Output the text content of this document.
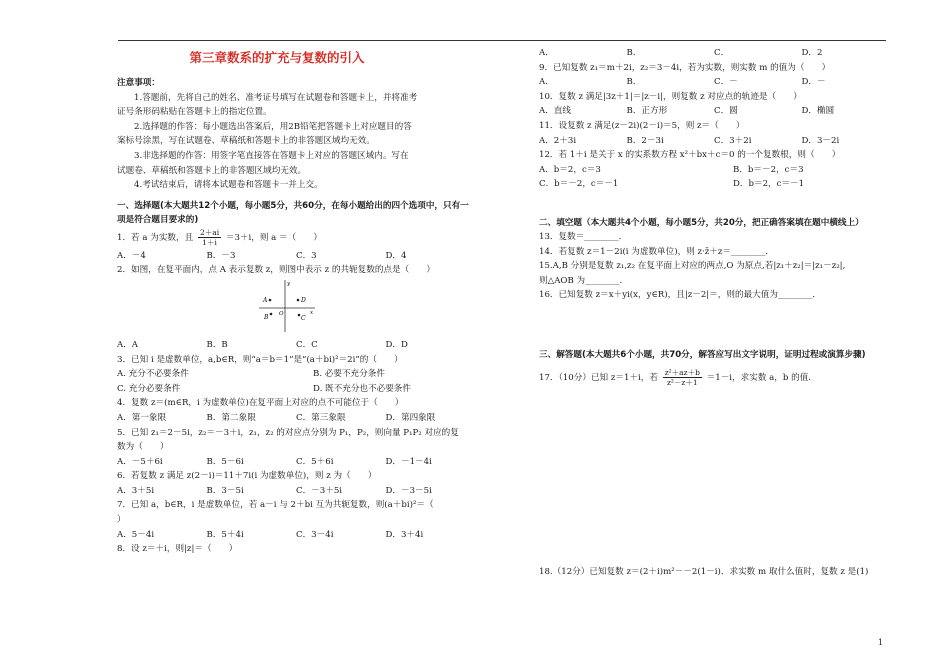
第三章数系的扩充与复数的引入

注意事项：

1.答题前，先将自己的姓名、准考证号填写在试题卷和答题卡上，并将准考

证号条形码粘贴在答题卡上的指定位置。

2.选择题的作答：每小题选出答案后，用2B铅笔把答题卡上对应题目的答

案标号涂黑，写在试题卷、草稿纸和答题卡上的非答题区域均无效。

3.非选择题的作答：用签字笔直接答在答题卡上对应的答题区域内。写在

试题卷、草稿纸和答题卡上的非答题区域均无效。

4.考试结束后，请将本试题卷和答题卡一并上交。

一、选择题(本大题共12个小题，每小题5分，共60分，在每小题给出的四个选项中，只有一项是符合题目要求的)

1．若 a 为实数，且 $\frac{2+ai}{1+i} =3+i$，则 a ＝（　　）

A．－4	B．－3	C．3	D．4

2．如图，在复平面内，点 A 表示复数 z，则图中表示 z 的共轭复数的点是（　　）

A	D
B	C
O	x
y

A．A	B．B	C．C	D．D

3．已知 i 是虚数单位，a,b∈R，则“a＝b＝1”是“(a＋bi)²＝2i”的（　　）

A. 充分不必要条件	B. 必要不充分条件

C. 充分必要条件	D. 既不充分也不必要条件

4．复数 z＝(m∈R，i 为虚数单位)在复平面上对应的点不可能位于（　　）

A．第一象限	B．第二象限	C．第三象限	D．第四象限

5．已知 z₁＝2－5i，z₂＝－3＋i，z₁，z₂ 的对应点分别为 P₁，P₂，则向量 P₁P₂ 对应的复

数为（　　）

A．－5＋6i	B．5－6i	C．5＋6i	D．－1－4i

6．若复数 z 满足 z(2－i)＝11＋7i(i 为虚数单位)，则 z 为（　　）

A．3＋5i	B．3－5i	C．－3＋5i	D．－3－5i

7．已知 a，b∈R，i 是虚数单位，若 a－i 与 2＋bi 互为共轭复数，则(a＋bi)²＝（

）

A．5－4i	B．5＋4i	C．3－4i	D．3＋4i

8．设 z＝＋i，则|z|＝（　　）

A．	B．	C．	D．2

9．已知复数 z₁＝m＋2i，z₂＝3－4i，若为实数，则实数 m 的值为（　　）

A．	B．	C．－	D．－

10．复数 z 满足|3z＋1|＝|z－i|，则复数 z 对应点的轨迹是（　　）

A．直线	B．正方形	C．圆	D．椭圆

11．设复数 z 满足(z－2i)(2－i)＝5，则 z＝（　　）

A．2＋3i	B．2－3i	C．3＋2i	D．3－2i

12．若 1＋i 是关于 x 的实系数方程 x²＋bx＋c＝0 的一个复数根，则（　　）

A．b＝2，c＝3	B．b＝－2，c＝3

C．b＝－2，c＝－1	D．b＝2，c＝－1

二、填空题（本大题共4个小题，每小题5分，共20分，把正确答案填在题中横线上）

13．复数＝________．

14．若复数 z＝1－2i(i 为虚数单位)，则 z·z̄＋z＝________．

15.A,B 分别是复数 z₁,z₂ 在复平面上对应的两点,O 为原点,若|z₁＋z₂|＝|z₁－z₂|,

则△AOB 为________.

16．已知复数 z＝x＋yi(x，y∈R)，且|z－2|＝，则的最大值为________．

三、解答题(本大题共6个小题，共70分，解答应写出文字说明，证明过程或演算步骤)

17．（10分）已知 z＝1＋i，若 $\frac{\text{z²＋az＋b}}{\text{z²－z＋1}} =1-i$，求实数 a，b 的值.

18.（12分）已知复数 z＝(2＋i)m²－－2(1－i)．求实数 m 取什么值时，复数 z 是(1)

1
